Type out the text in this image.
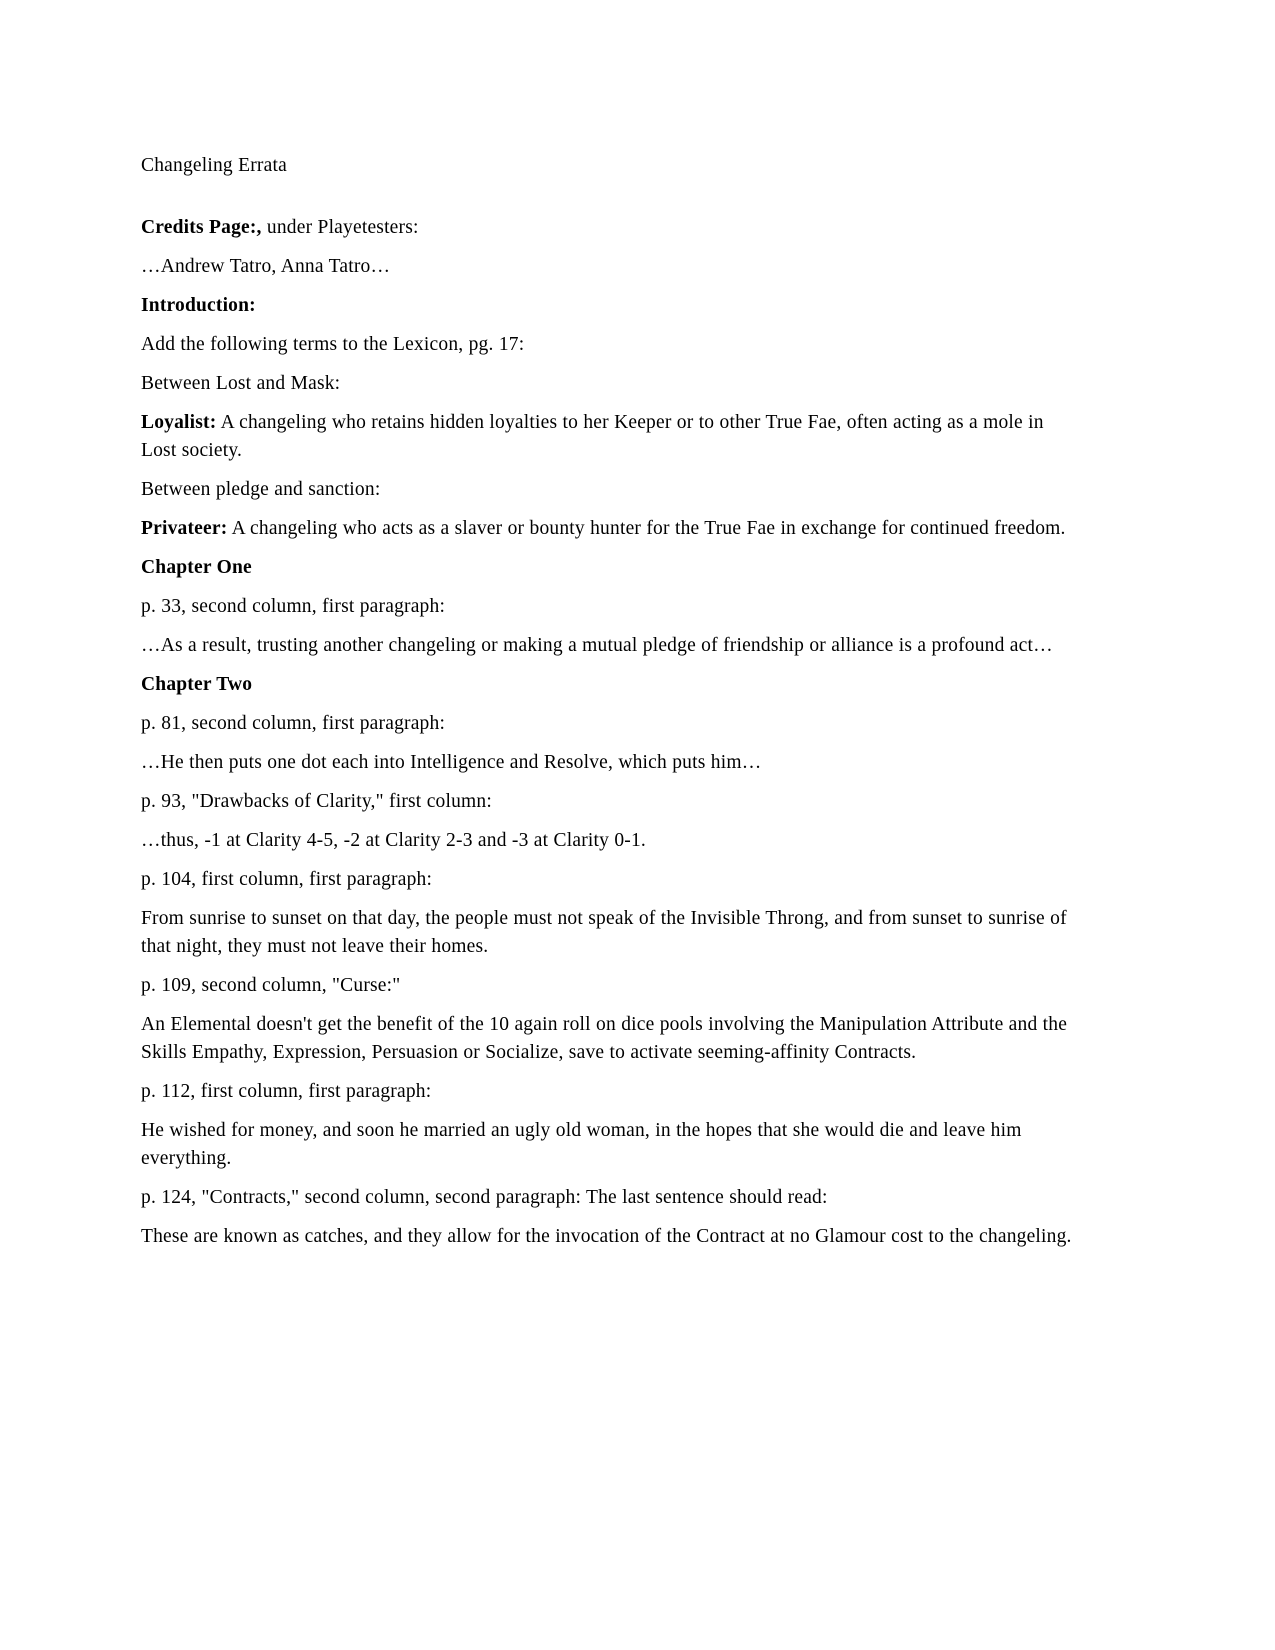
Changeling Errata

Credits Page:, under Playetesters:

…Andrew Tatro, Anna Tatro…

Introduction:

Add the following terms to the Lexicon, pg. 17:

Between Lost and Mask:

Loyalist: A changeling who retains hidden loyalties to her Keeper or to other True Fae, often acting as a mole in Lost society.

Between pledge and sanction:

Privateer: A changeling who acts as a slaver or bounty hunter for the True Fae in exchange for continued freedom.

Chapter One

p. 33, second column, first paragraph:

…As a result, trusting another changeling or making a mutual pledge of friendship or alliance is a profound act…

Chapter Two

p. 81, second column, first paragraph:

…He then puts one dot each into Intelligence and Resolve, which puts him…

p. 93, "Drawbacks of Clarity," first column:

…thus, -1 at Clarity 4-5, -2 at Clarity 2-3 and -3 at Clarity 0-1.

p. 104, first column, first paragraph:

From sunrise to sunset on that day, the people must not speak of the Invisible Throng, and from sunset to sunrise of that night, they must not leave their homes.

p. 109, second column, "Curse:"

An Elemental doesn't get the benefit of the 10 again roll on dice pools involving the Manipulation Attribute and the Skills Empathy, Expression, Persuasion or Socialize, save to activate seeming-affinity Contracts.

p. 112, first column, first paragraph:

He wished for money, and soon he married an ugly old woman, in the hopes that she would die and leave him everything.

p. 124, "Contracts," second column, second paragraph: The last sentence should read:

These are known as catches, and they allow for the invocation of the Contract at no Glamour cost to the changeling.
